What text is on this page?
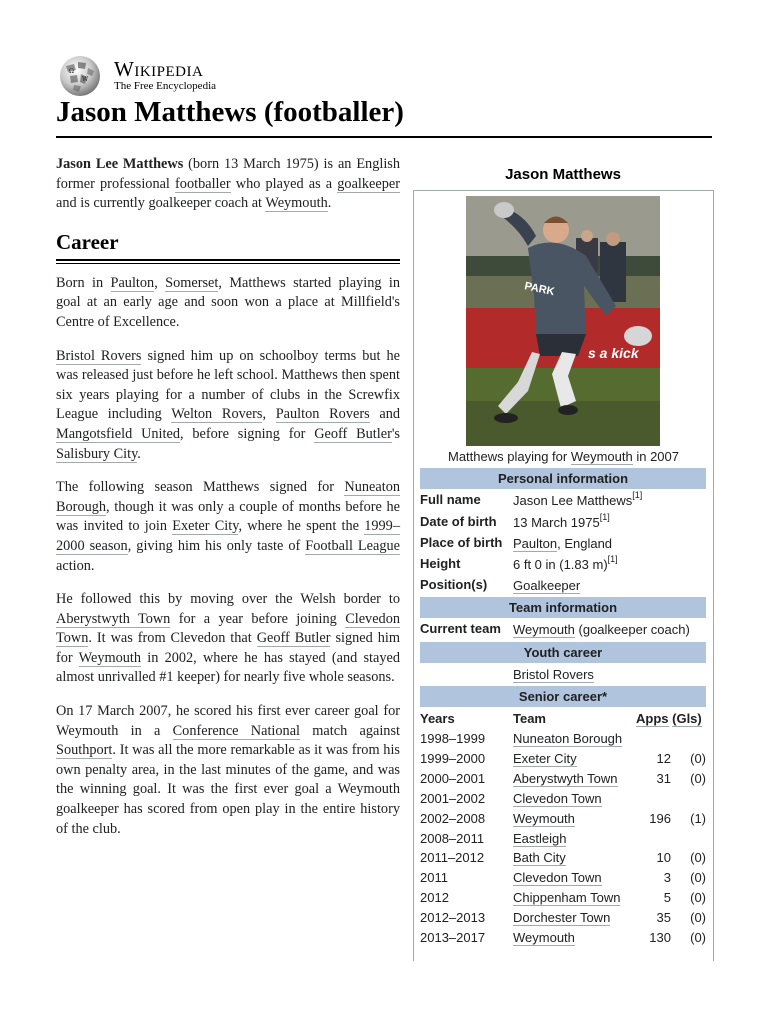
Ω
W Wikipedia
The Free Encyclopedia
Jason Matthews (footballer)

Jason Lee Matthews (born 13 March 1975) is an English former professional footballer who played as a goalkeeper and is currently goalkeeper coach at Weymouth.

Career

Born in Paulton, Somerset, Matthews started playing in goal at an early age and soon won a place at Millfield's Centre of Excellence.

Bristol Rovers signed him up on schoolboy terms but he was released just before he left school. Matthews then spent six years playing for a number of clubs in the Screwfix League including Welton Rovers, Paulton Rovers and Mangotsfield United, before signing for Geoff Butler's Salisbury City.

The following season Matthews signed for Nuneaton Borough, though it was only a couple of months before he was invited to join Exeter City, where he spent the 1999–2000 season, giving him his only taste of Football League action.

He followed this by moving over the Welsh border to Aberystwyth Town for a year before joining Clevedon Town. It was from Clevedon that Geoff Butler signed him for Weymouth in 2002, where he has stayed (and stayed almost unrivalled #1 keeper) for nearly five whole seasons.

On 17 March 2007, he scored his first ever career goal for Weymouth in a Conference National match against Southport. It was all the more remarkable as it was from his own penalty area, in the last minutes of the game, and was the winning goal. It was the first ever goal a Weymouth goalkeeper has scored from open play in the entire history of the club.

Jason Matthews
s a kick
PARK
Matthews playing for Weymouth in 2007
Personal information
Full name Jason Lee Matthews[1]
Date of birth 13 March 1975[1]
Place of birth Paulton, England
Height	6 ft 0 in (1.83 m)[1]
Position(s) Goalkeeper
Team information
Current team Weymouth (goalkeeper coach)
Youth career
Bristol Rovers
Senior career*
Years	Team	Apps (Gls)
1998–1999 Nuneaton Borough
1999–2000 Exeter City	12	(0)
2000–2001 Aberystwyth Town	31	(0)
2001–2002 Clevedon Town
2002–2008 Weymouth	196	(1)
2008–2011 Eastleigh
2011–2012 Bath City	10	(0)
2011	Clevedon Town	3	(0)
2012	Chippenham Town	5	(0)
2012–2013 Dorchester Town	35	(0)
2013–2017 Weymouth	130	(0)
